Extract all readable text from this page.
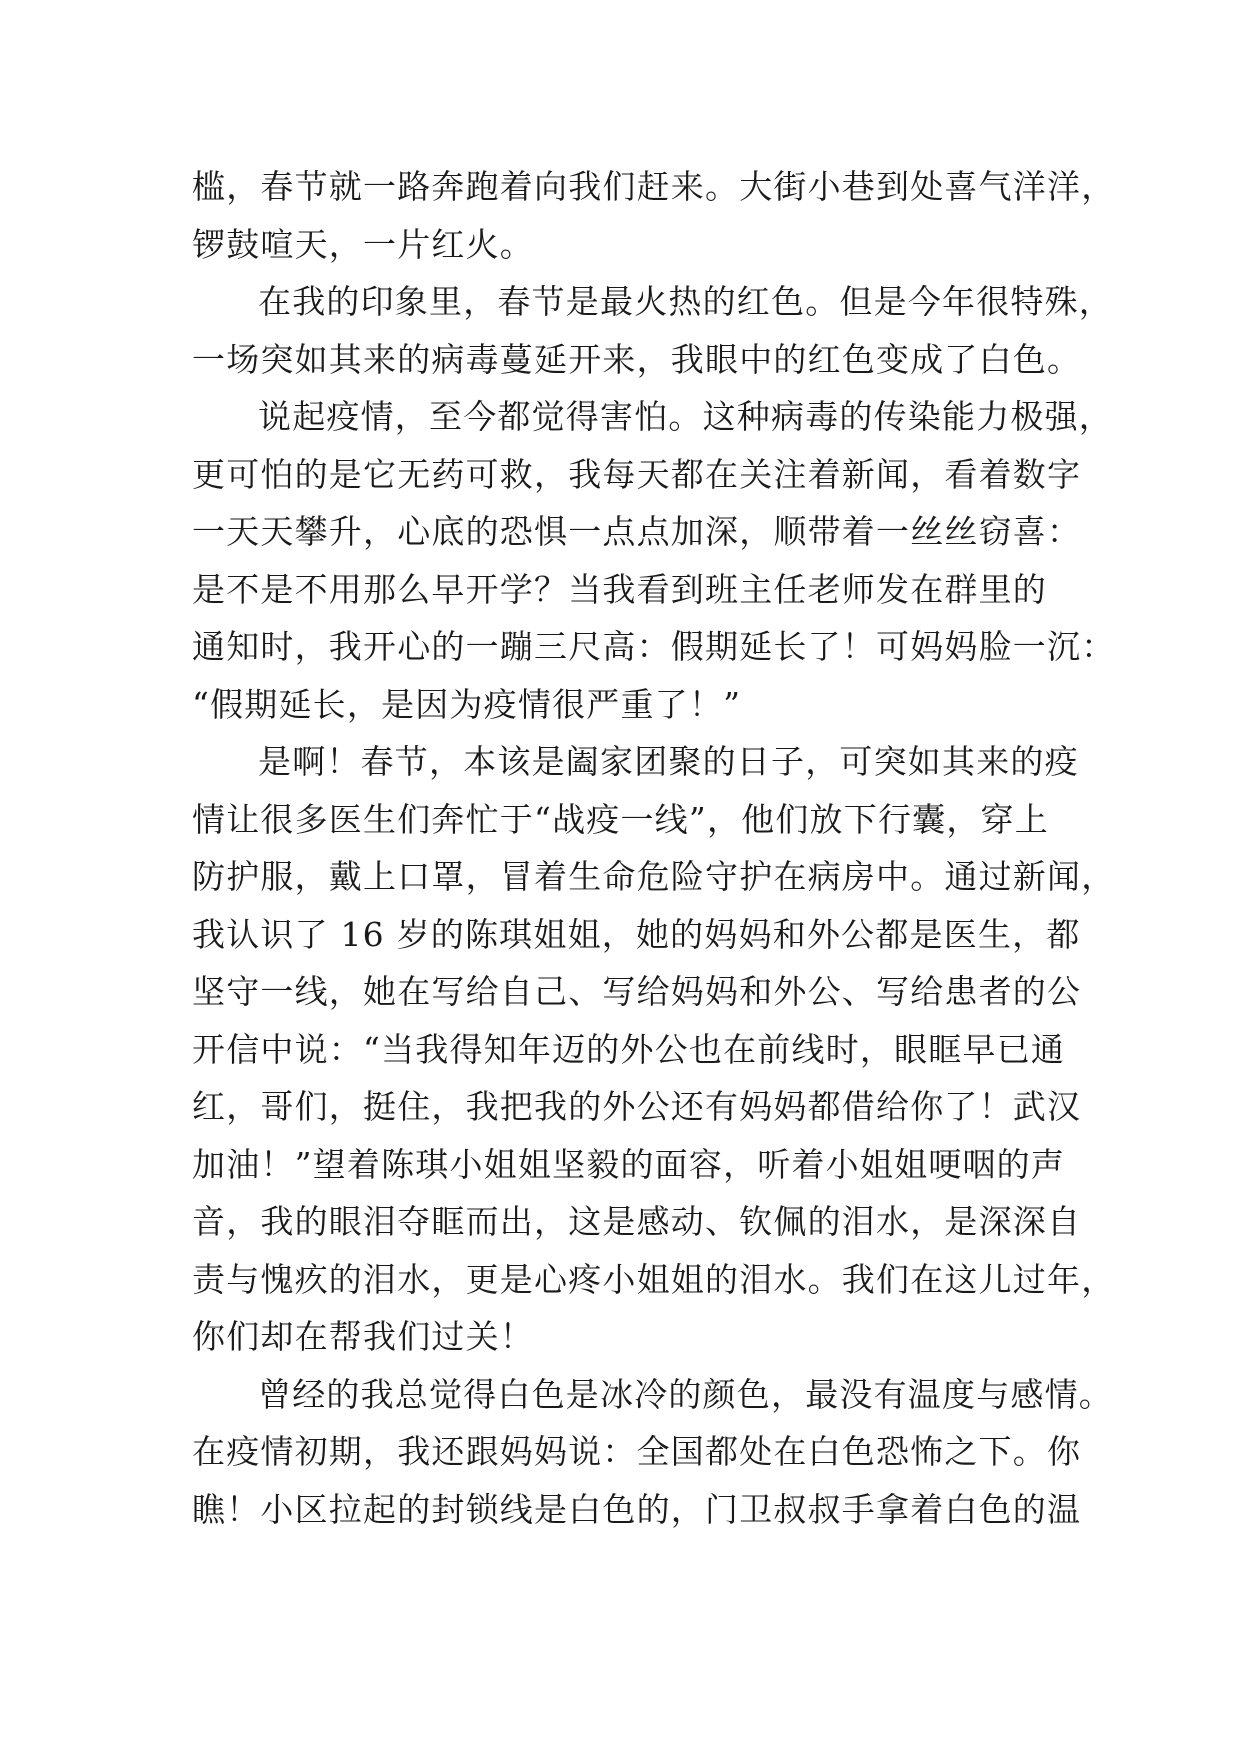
槛，春节就一路奔跑着向我们赶来。大街小巷到处喜气洋洋，
锣鼓喧天，一片红火。
在我的印象里，春节是最火热的红色。但是今年很特殊，
一场突如其来的病毒蔓延开来，我眼中的红色变成了白色。
说起疫情，至今都觉得害怕。这种病毒的传染能力极强，
更可怕的是它无药可救，我每天都在关注着新闻，看着数字
一天天攀升，心底的恐惧一点点加深，顺带着一丝丝窃喜：
是不是不用那么早开学？当我看到班主任老师发在群里的
通知时，我开心的一蹦三尺高：假期延长了！可妈妈脸一沉：
“假期延长，是因为疫情很严重了！”
是啊！春节，本该是阖家团聚的日子，可突如其来的疫
情让很多医生们奔忙于“战疫一线”，他们放下行囊，穿上
防护服，戴上口罩，冒着生命危险守护在病房中。通过新闻，
我认识了 16 岁的陈琪姐姐，她的妈妈和外公都是医生，都
坚守一线，她在写给自己、写给妈妈和外公、写给患者的公
开信中说：“当我得知年迈的外公也在前线时，眼眶早已通
红，哥们，挺住，我把我的外公还有妈妈都借给你了！武汉
加油！”望着陈琪小姐姐坚毅的面容，听着小姐姐哽咽的声
音，我的眼泪夺眶而出，这是感动、钦佩的泪水，是深深自
责与愧疚的泪水，更是心疼小姐姐的泪水。我们在这儿过年，
你们却在帮我们过关！
曾经的我总觉得白色是冰冷的颜色，最没有温度与感情。
在疫情初期，我还跟妈妈说：全国都处在白色恐怖之下。你
瞧！小区拉起的封锁线是白色的，门卫叔叔手拿着白色的温
